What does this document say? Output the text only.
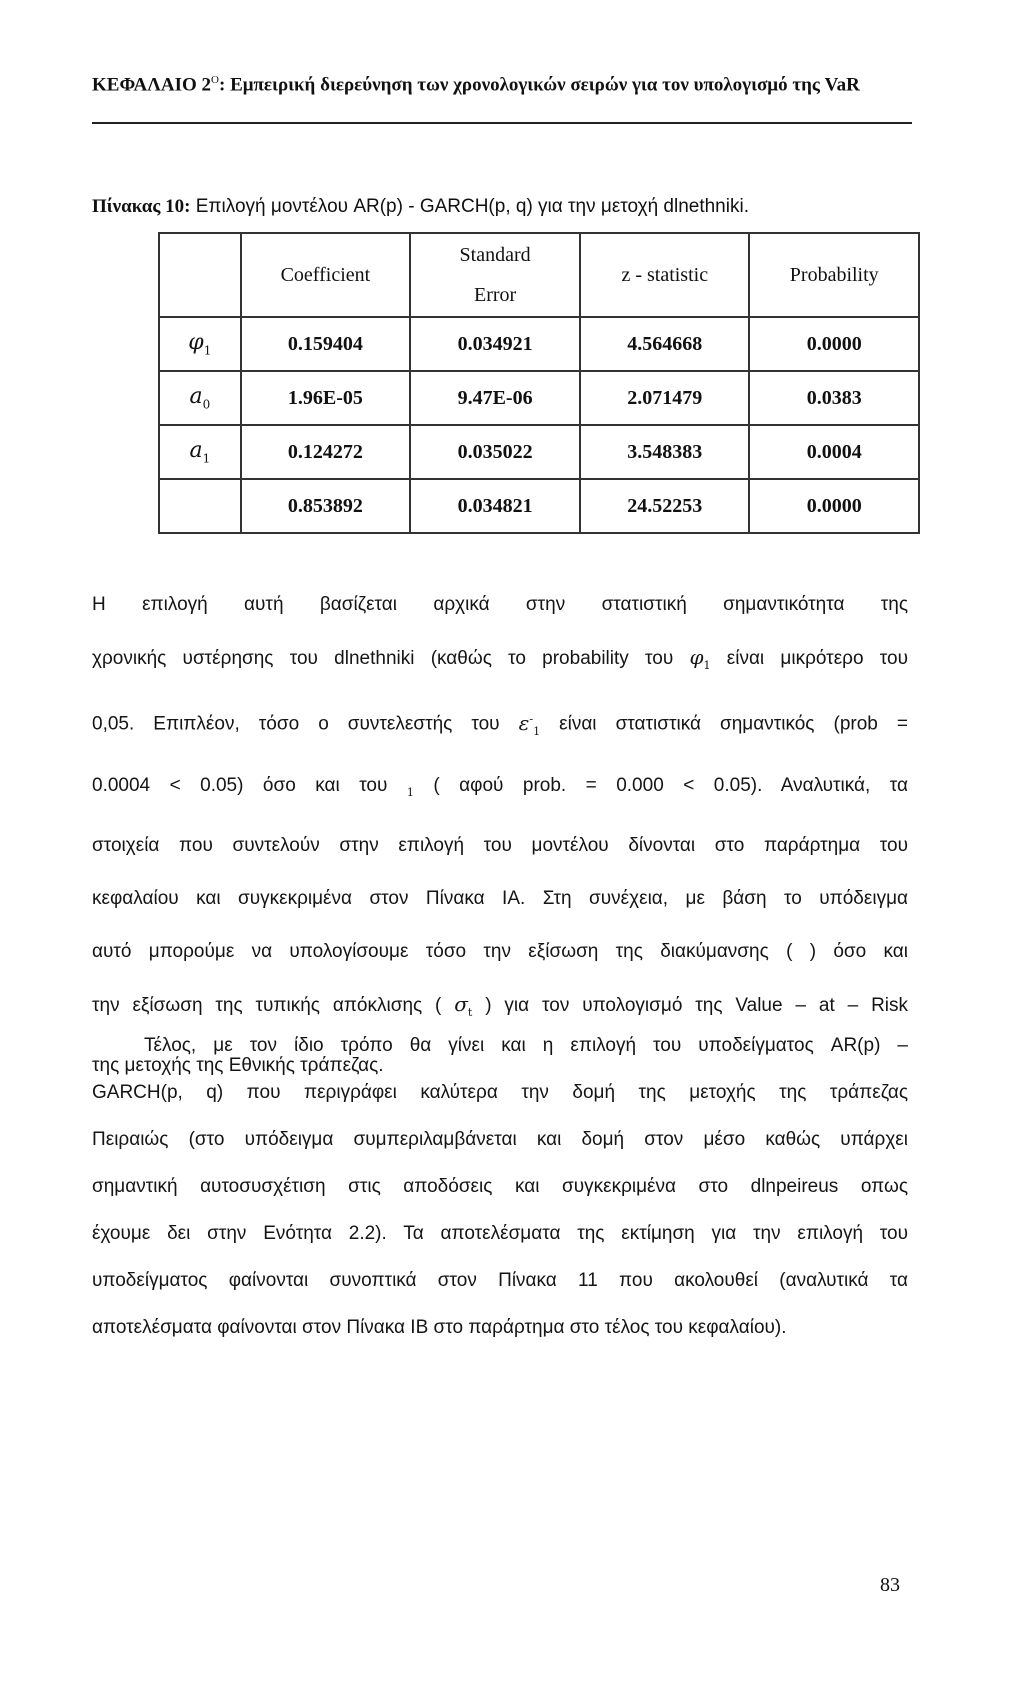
ΚΕΦΑΛΑΙΟ $2^O$: Εμπειρική διερεύνηση των χρονολογικών σειρών για τον υπολογισμό της VaR
Πίνακας 10: Επιλογή μοντέλου AR(p) - GARCH(p, q) για την μετοχή dlnethniki.
	Coefficient	Standard Error	z - statistic	Probability
$\varphi_1$	0.159404	0.034921	4.564668	0.0000
$a_0$	1.96E-05	9.47E-06	2.071479	0.0383
$a_1$	0.124272	0.035022	3.548383	0.0004
	0.853892	0.034821	24.52253	0.0000
Η επιλογή αυτή βασίζεται αρχικά στην στατιστική σημαντικότητα της
χρονικής υστέρησης του dlnethniki (καθώς το probability του $\varphi_1$ είναι μικρότερο του
0,05. Επιπλέον, τόσο ο συντελεστής του $\varepsilon^-_1$ είναι στατιστικά σημαντικός (prob =
0.0004 < 0.05) όσο και του $_1$ ( αφού prob. = 0.000 < 0.05). Αναλυτικά, τα
στοιχεία που συντελούν στην επιλογή του μοντέλου δίνονται στο παράρτημα του
κεφαλαίου και συγκεκριμένα στον Πίνακα ΙΑ. Στη συνέχεια, με βάση το υπόδειγμα
αυτό μπορούμε να υπολογίσουμε τόσο την εξίσωση της διακύμανσης ( ) όσο και
την εξίσωση της τυπικής απόκλισης ( $\sigma_t$ ) για τον υπολογισμό της Value – at – Risk
της μετοχής της Εθνικής τράπεζας.
Τέλος, με τον ίδιο τρόπο θα γίνει και η επιλογή του υποδείγματος AR(p) –
GARCH(p, q) που περιγράφει καλύτερα την δομή της μετοχής της τράπεζας
Πειραιώς (στο υπόδειγμα συμπεριλαμβάνεται και δομή στον μέσο καθώς υπάρχει
σημαντική αυτοσυσχέτιση στις αποδόσεις και συγκεκριμένα στο dlnpeireus οπως
έχουμε δει στην Ενότητα 2.2). Τα αποτελέσματα της εκτίμηση για την επιλογή του
υποδείγματος φαίνονται συνοπτικά στον Πίνακα 11 που ακολουθεί (αναλυτικά τα
αποτελέσματα φαίνονται στον Πίνακα ΙΒ στο παράρτημα στο τέλος του κεφαλαίου).
83
